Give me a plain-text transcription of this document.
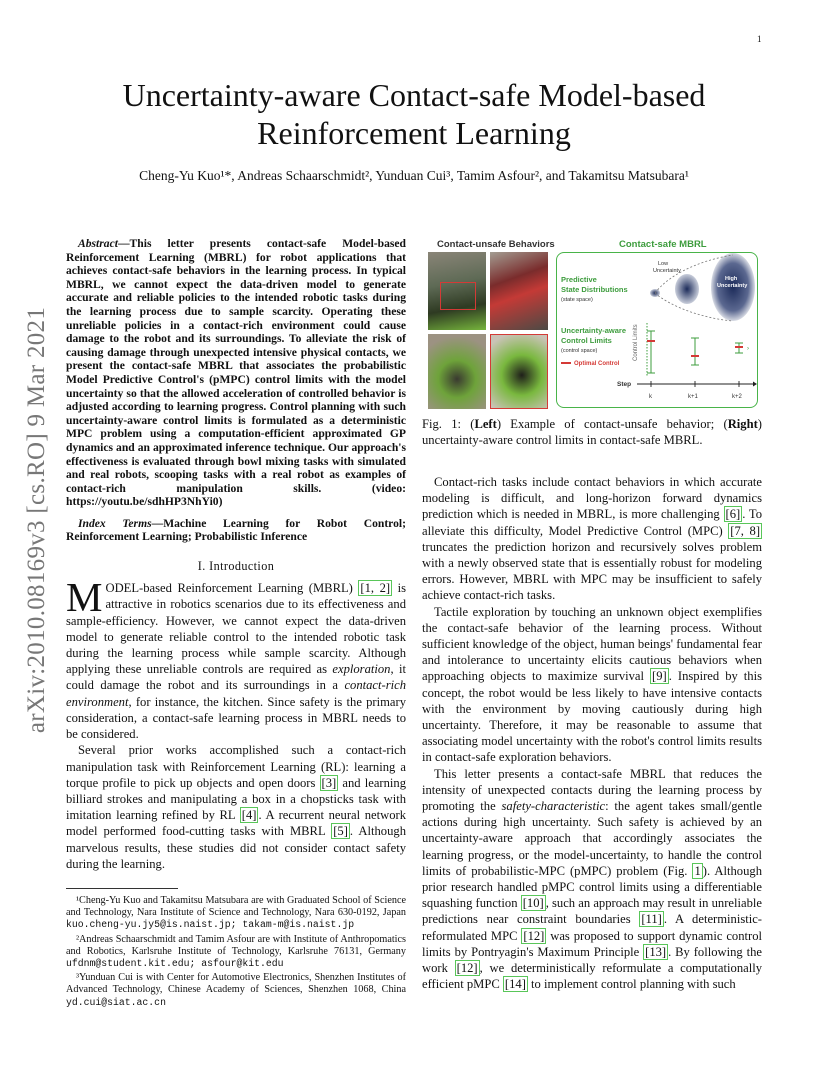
1
arXiv:2010.08169v3 [cs.RO] 9 Mar 2021
Uncertainty-aware Contact-safe Model-based Reinforcement Learning
Cheng-Yu Kuo¹*, Andreas Schaarschmidt², Yunduan Cui³, Tamim Asfour², and Takamitsu Matsubara¹

Abstract—This letter presents contact-safe Model-based Reinforcement Learning (MBRL) for robot applications that achieves contact-safe behaviors in the learning process. In typical MBRL, we cannot expect the data-driven model to generate accurate and reliable policies to the intended robotic tasks during the learning process due to sample scarcity. Operating these unreliable policies in a contact-rich environment could cause damage to the robot and its surroundings. To alleviate the risk of causing damage through unexpected intensive physical contacts, we present the contact-safe MBRL that associates the probabilistic Model Predictive Control's (pMPC) control limits with the model uncertainty so that the allowed acceleration of controlled behavior is adjusted according to learning progress. Control planning with such uncertainty-aware control limits is formulated as a deterministic MPC problem using a computation-efficient approximated GP dynamics and an approximated inference technique. Our approach's effectiveness is evaluated through bowl mixing tasks with simulated and real robots, scooping tasks with a real robot as examples of contact-rich manipulation skills. (video: https://youtu.be/sdhHP3NhYi0)

Index Terms—Machine Learning for Robot Control; Reinforcement Learning; Probabilistic Inference

I. Introduction

MODEL-based Reinforcement Learning (MBRL) [1, 2] is attractive in robotics scenarios due to its effectiveness and sample-efficiency. However, we cannot expect the data-driven model to generate reliable control to the intended robotic task during the learning process while sample scarcity. Although applying these unreliable controls are required as exploration, it could damage the robot and its surroundings in a contact-rich environment, for instance, the kitchen. Since safety is the primary consideration, a contact-safe learning process in MBRL needs to be considered.

Several prior works accomplished such a contact-rich manipulation task with Reinforcement Learning (RL): learning a torque profile to pick up objects and open doors [3] and learning billiard strokes and manipulating a box in a chopsticks task with imitation learning refined by RL [4] . A recurrent neural network model performed food-cutting tasks with MBRL [5] . Although marvelous results, these studies did not consider contact safety during the learning.

¹Cheng-Yu Kuo and Takamitsu Matsubara are with Graduated School of Science and Technology, Nara Institute of Science and Technology, Nara 630-0192, Japan kuo.cheng-yu.jy5@is.naist.jp; takam-m@is.naist.jp

²Andreas Schaarschmidt and Tamim Asfour are with Institute of Anthropomatics and Robotics, Karlsruhe Institute of Technology, Karlsruhe 76131, Germany ufdnm@student.kit.edu; asfour@kit.edu

³Yunduan Cui is with Center for Automotive Electronics, Shenzhen Institutes of Advanced Technology, Chinese Academy of Sciences, Shenzhen 1068, China yd.cui@siat.ac.cn

Contact-unsafe Behaviors	Contact-safe MBRL
Predictive
State Distributions
(state space)
Low
Uncertainty
High
Uncertainty
Uncertainty-aware
Control Limits
(control space)
Optimal Control
Control Limits	›
Step
k	k+1	k+2

Fig. 1: (Left) Example of contact-unsafe behavior; (Right) uncertainty-aware control limits in contact-safe MBRL.

Contact-rich tasks include contact behaviors in which accurate modeling is difficult, and long-horizon forward dynamics prediction which is needed in MBRL, is more challenging [6] . To alleviate this difficulty, Model Predictive Control (MPC) [7, 8] truncates the prediction horizon and recursively solves problem with a newly observed state that is essentially robust for modeling errors. However, MBRL with MPC may be insufficient to safely achieve contact-rich tasks.

Tactile exploration by touching an unknown object exemplifies the contact-safe behavior of the learning process. Without sufficient knowledge of the object, human beings' fundamental fear and intolerance to uncertainty elicits cautious behaviors when approaching objects to maximize survival [9] . Inspired by this concept, the robot would be less likely to have intensive contacts with the environment by moving cautiously during high uncertainty. Therefore, it may be reasonable to assume that associating model uncertainty with the robot's control limits results in contact-safe exploration behaviors.

This letter presents a contact-safe MBRL that reduces the intensity of unexpected contacts during the learning process by promoting the safety-characteristic: the agent takes small/gentle actions during high uncertainty. Such safety is achieved by an uncertainty-aware approach that accordingly associates the learning progress, or the model-uncertainty, to handle the control limits of probabilistic-MPC (pMPC) problem (Fig. 1 ). Although prior research handled pMPC control limits using a differentiable squashing function [10] , such an approach may result in unreliable predictions near constraint boundaries [11] . A deterministic-reformulated MPC [12] was proposed to support dynamic control limits by Pontryagin's Maximum Principle [13] . By following the work [12] , we deterministically reformulate a computationally efficient pMPC [14] to implement control planning with such
